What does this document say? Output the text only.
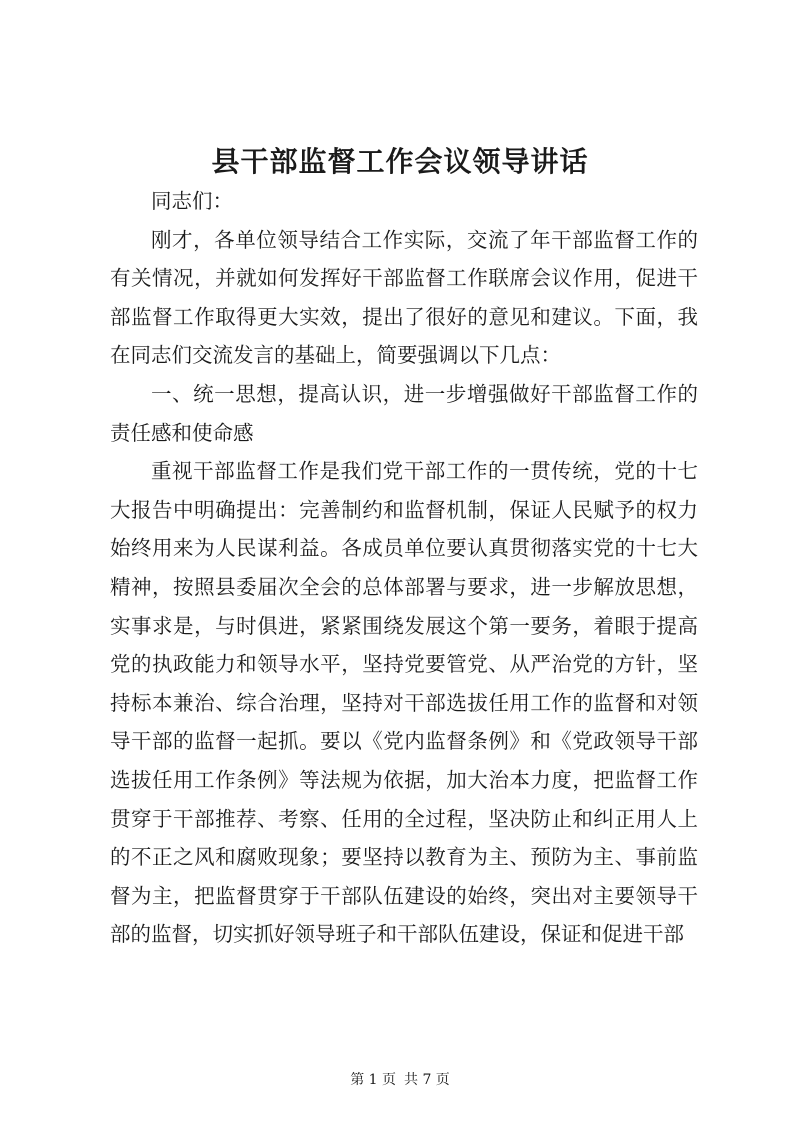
县干部监督工作会议领导讲话

同志们：

刚才，各单位领导结合工作实际，交流了年干部监督工作的有关情况，并就如何发挥好干部监督工作联席会议作用，促进干部监督工作取得更大实效，提出了很好的意见和建议。下面，我在同志们交流发言的基础上，简要强调以下几点：

一、统一思想，提高认识，进一步增强做好干部监督工作的责任感和使命感

重视干部监督工作是我们党干部工作的一贯传统，党的十七大报告中明确提出：完善制约和监督机制，保证人民赋予的权力始终用来为人民谋利益。各成员单位要认真贯彻落实党的十七大精神，按照县委届次全会的总体部署与要求，进一步解放思想，实事求是，与时俱进，紧紧围绕发展这个第一要务，着眼于提高党的执政能力和领导水平，坚持党要管党、从严治党的方针，坚持标本兼治、综合治理，坚持对干部选拔任用工作的监督和对领导干部的监督一起抓。要以《党内监督条例》和《党政领导干部选拔任用工作条例》等法规为依据，加大治本力度，把监督工作贯穿于干部推荐、考察、任用的全过程，坚决防止和纠正用人上的不正之风和腐败现象；要坚持以教育为主、预防为主、事前监督为主，把监督贯穿于干部队伍建设的始终，突出对主要领导干部的监督，切实抓好领导班子和干部队伍建设，保证和促进干部

第 1 页 共 7 页
